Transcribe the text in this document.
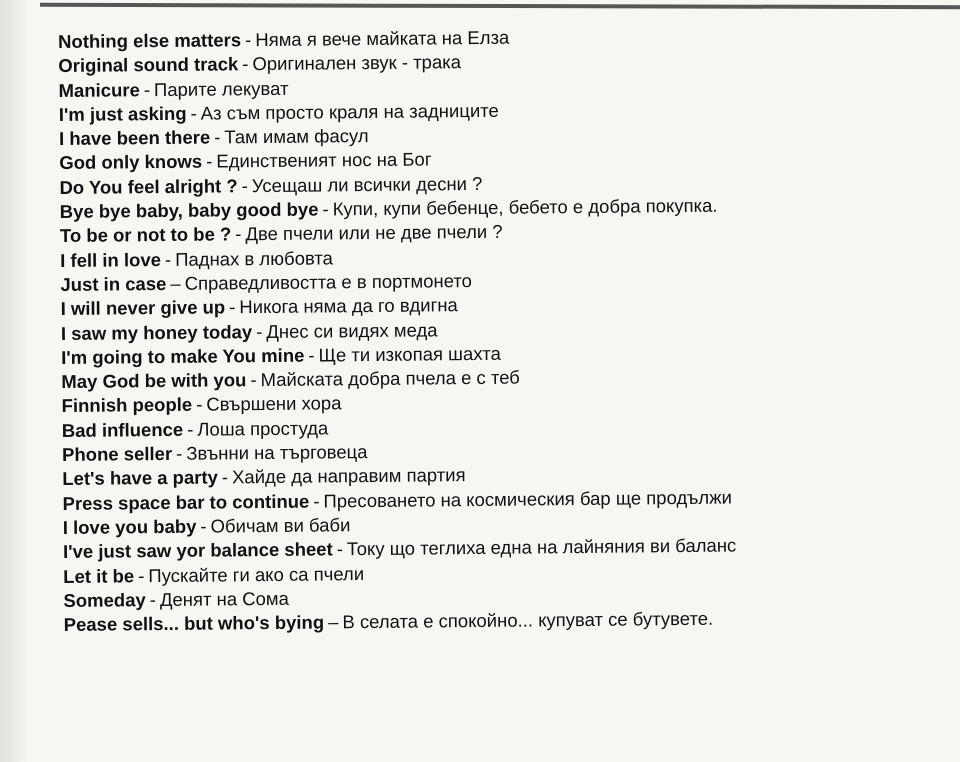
Nothing else matters - Няма я вече майката на Елза
Original sound track - Оригинален звук - трака
Manicure - Парите лекуват
I'm just asking - Аз съм просто краля на задниците
I have been there - Там имам фасул
God only knows - Единственият нос на Бог
Do You feel alright ? - Усещаш ли всички десни ?
Bye bye baby, baby good bye - Купи, купи бебенце, бебето е добра покупка.
To be or not to be ? - Две пчели или не две пчели ?
I fell in love - Паднах в любовта
Just in case – Справедливостта е в портмонето
I will never give up - Никога няма да го вдигна
I saw my honey today - Днес си видях меда
I'm going to make You mine - Ще ти изкопая шахта
May God be with you - Майската добра пчела е с теб
Finnish people - Свършени хора
Bad influence - Лоша простуда
Phone seller - Звънни на търговеца
Let's have a party - Хайде да направим партия
Press space bar to continue - Пресоването на космическия бар ще продължи
I love you baby - Обичам ви баби
I've just saw yor balance sheet - Току що теглиха една на лайняния ви баланс
Let it be - Пускайте ги ако са пчели
Someday - Денят на Сома
Pease sells... but who's bying – В селата е спокойно... купуват се бутувете.
